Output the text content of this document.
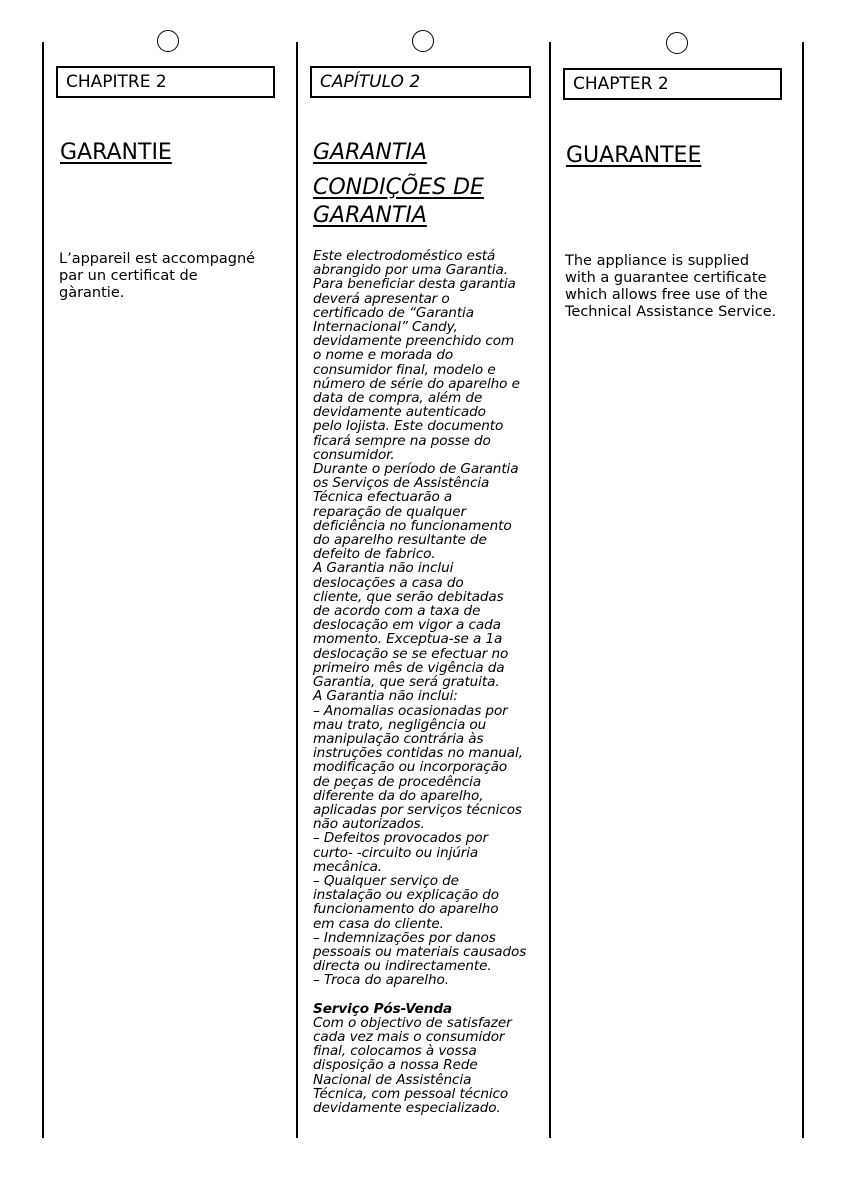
CHAPITRE 2
GARANTIE
L’appareil est accompagné
par un certificat de
gàrantie.
CAPÍTULO 2
GARANTIA
CONDIÇÕES DE
GARANTIA
Este electrodoméstico está
abrangido por uma Garantia.
Para beneficiar desta garantia
deverá apresentar o
certificado de “Garantia
Internacional” Candy,
devidamente preenchido com
o nome e morada do
consumidor final, modelo e
número de série do aparelho e
data de compra, além de
devidamente autenticado
pelo lojista. Este documento
ficará sempre na posse do
consumidor.
Durante o período de Garantia
os Serviços de Assistência
Técnica efectuarão a
reparação de qualquer
deficiência no funcionamento
do aparelho resultante de
defeito de fabrico.
A Garantia não inclui
deslocações a casa do
cliente, que serão debitadas
de acordo com a taxa de
deslocação em vigor a cada
momento. Exceptua-se a 1a
deslocação se se efectuar no
primeiro mês de vigência da
Garantia, que será gratuita.
A Garantia não inclui:
– Anomalias ocasionadas por
mau trato, negligência ou
manipulação contrária às
instruções contidas no manual,
modificação ou incorporação
de peças de procedência
diferente da do aparelho,
aplicadas por serviços técnicos
não autorizados.
– Defeitos provocados por
curto- -circuito ou injúria
mecânica.
– Qualquer serviço de
instalação ou explicação do
funcionamento do aparelho
em casa do cliente.
– Indemnizações por danos
pessoais ou materiais causados
directa ou indirectamente.
– Troca do aparelho.
Serviço Pós-Venda
Com o objectivo de satisfazer
cada vez mais o consumidor
final, colocamos à vossa
disposição a nossa Rede
Nacional de Assistência
Técnica, com pessoal técnico
devidamente especializado.
CHAPTER 2
GUARANTEE
The appliance is supplied
with a guarantee certificate
which allows free use of the
Technical Assistance Service.
